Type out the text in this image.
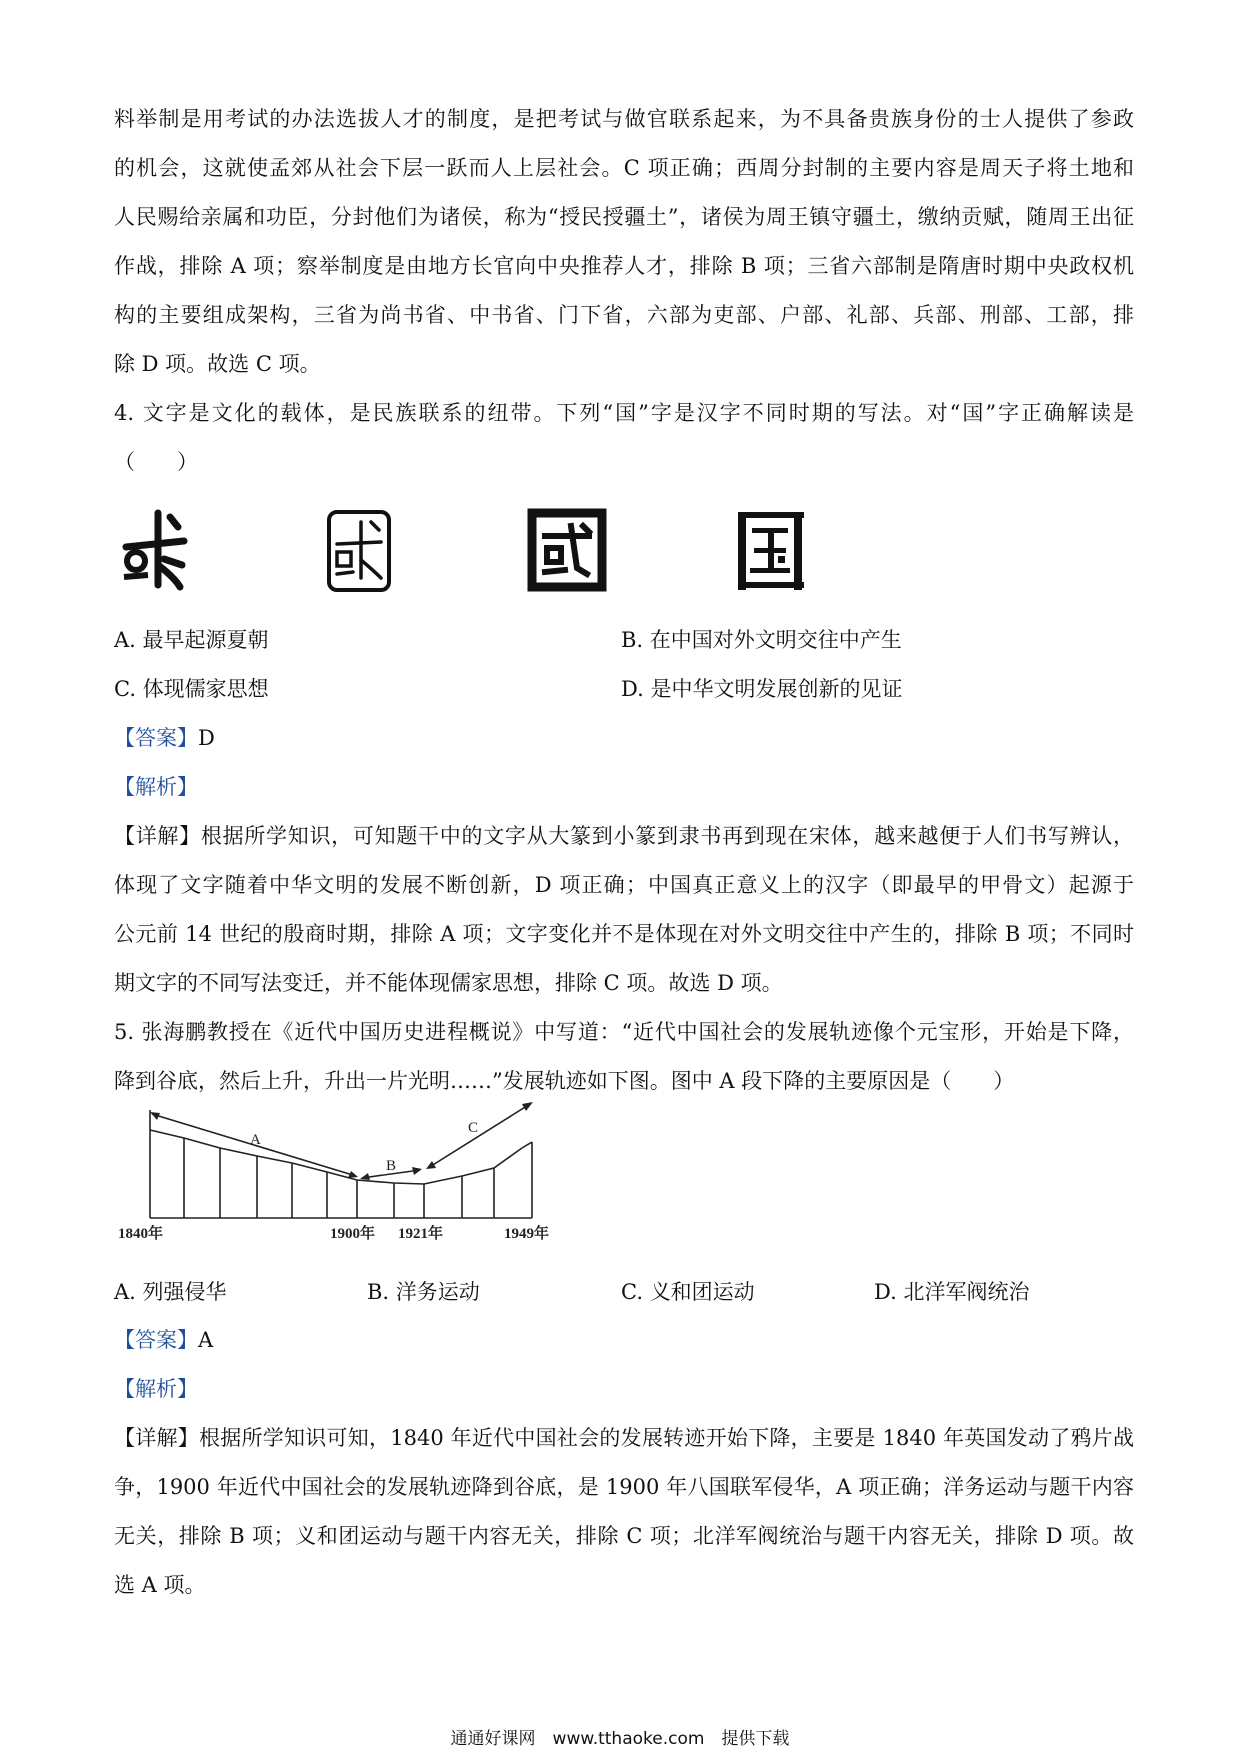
料举制是用考试的办法选拔人才的制度，是把考试与做官联系起来，为不具备贵族身份的士人提供了参政
的机会，这就使孟郊从社会下层一跃而人上层社会。C 项正确；西周分封制的主要内容是周天子将土地和
人民赐给亲属和功臣，分封他们为诸侯，称为“授民授疆土”，诸侯为周王镇守疆土，缴纳贡赋，随周王出征
作战，排除 A 项；察举制度是由地方长官向中央推荐人才，排除 B 项；三省六部制是隋唐时期中央政权机
构的主要组成架构，三省为尚书省、中书省、门下省，六部为吏部、户部、礼部、兵部、刑部、工部，排
除 D 项。故选 C 项。
4. 文字是文化的载体，是民族联系的纽带。下列“国”字是汉字不同时期的写法。对“国”字正确解读是
（　　）
A. 最早起源夏朝	B. 在中国对外文明交往中产生
C. 体现儒家思想	D. 是中华文明发展创新的见证
【答案】D
【解析】
【详解】根据所学知识，可知题干中的文字从大篆到小篆到隶书再到现在宋体，越来越便于人们书写辨认，
体现了文字随着中华文明的发展不断创新，D 项正确；中国真正意义上的汉字（即最早的甲骨文）起源于
公元前 14 世纪的殷商时期，排除 A 项；文字变化并不是体现在对外文明交往中产生的，排除 B 项；不同时
期文字的不同写法变迁，并不能体现儒家思想，排除 C 项。故选 D 项。
5. 张海鹏教授在《近代中国历史进程概说》中写道：“近代中国社会的发展轨迹像个元宝形，开始是下降，
降到谷底，然后上升，升出一片光明……”发展轨迹如下图。图中 A 段下降的主要原因是（　　）
A
B
C
1840年	1900年 1921年	1949年
A. 列强侵华	B. 洋务运动	C. 义和团运动	D. 北洋军阀统治
【答案】A
【解析】
【详解】根据所学知识可知，1840 年近代中国社会的发展转迹开始下降，主要是 1840 年英国发动了鸦片战
争，1900 年近代中国社会的发展轨迹降到谷底，是 1900 年八国联军侵华，A 项正确；洋务运动与题干内容
无关，排除 B 项；义和团运动与题干内容无关，排除 C 项；北洋军阀统治与题干内容无关，排除 D 项。故
选 A 项。
通通好课网　www.tthaoke.com　提供下载
